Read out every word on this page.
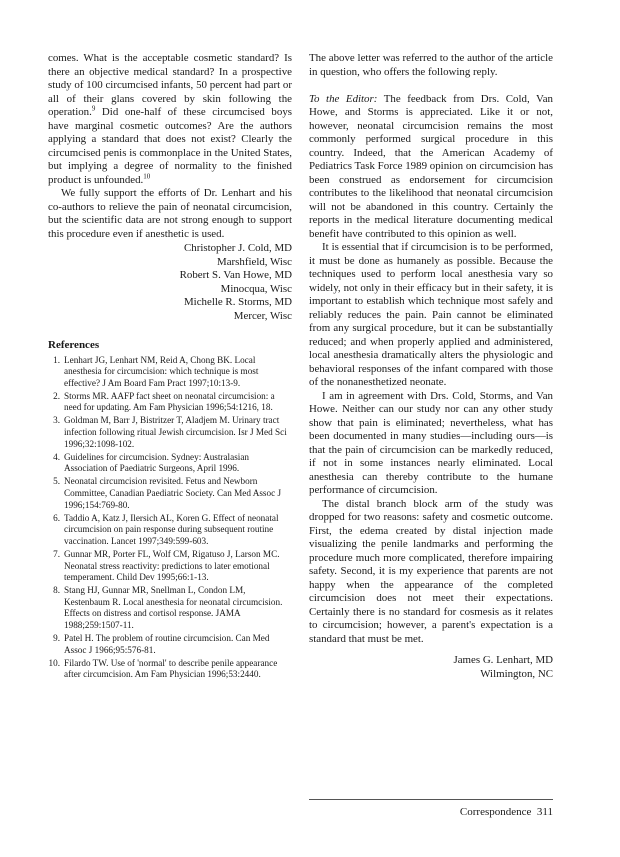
comes. What is the acceptable cosmetic standard? Is there an objective medical standard? In a prospective study of 100 circumcised infants, 50 percent had part or all of their glans covered by skin following the operation.$^9$ Did one-half of these circumcised boys have marginal cosmetic outcomes? Are the authors applying a standard that does not exist? Clearly the circumcised penis is commonplace in the United States, but implying a degree of normality to the finished product is unfounded.$^{10}$

We fully support the efforts of Dr. Lenhart and his co-authors to relieve the pain of neonatal circumcision, but the scientific data are not strong enough to support this procedure even if anesthetic is used.

Christopher J. Cold, MD

Marshfield, Wisc

Robert S. Van Howe, MD

Minocqua, Wisc

Michelle R. Storms, MD

Mercer, Wisc

References
1. Lenhart JG, Lenhart NM, Reid A, Chong BK. Local anesthesia for circumcision: which technique is most effective? J Am Board Fam Pract 1997;10:13-9.
2. Storms MR. AAFP fact sheet on neonatal circumcision: a need for updating. Am Fam Physician 1996;54:1216, 18.
3. Goldman M, Barr J, Bistritzer T, Aladjem M. Urinary tract infection following ritual Jewish circumcision. Isr J Med Sci 1996;32:1098-102.
4. Guidelines for circumcision. Sydney: Australasian Association of Paediatric Surgeons, April 1996.
5. Neonatal circumcision revisited. Fetus and Newborn Committee, Canadian Paediatric Society. Can Med Assoc J 1996;154:769-80.
6. Taddio A, Katz J, Ilersich AL, Koren G. Effect of neonatal circumcision on pain response during subsequent routine vaccination. Lancet 1997;349:599-603.
7. Gunnar MR, Porter FL, Wolf CM, Rigatuso J, Larson MC. Neonatal stress reactivity: predictions to later emotional temperament. Child Dev 1995;66:1-13.
8. Stang HJ, Gunnar MR, Snellman L, Condon LM, Kestenbaum R. Local anesthesia for neonatal circumcision. Effects on distress and cortisol response. JAMA 1988;259:1507-11.
9. Patel H. The problem of routine circumcision. Can Med Assoc J 1966;95:576-81.
10. Filardo TW. Use of 'normal' to describe penile appearance after circumcision. Am Fam Physician 1996;53:2440.

The above letter was referred to the author of the article in question, who offers the following reply.

To the Editor: The feedback from Drs. Cold, Van Howe, and Storms is appreciated. Like it or not, however, neonatal circumcision remains the most commonly performed surgical procedure in this country. Indeed, that the American Academy of Pediatrics Task Force 1989 opinion on circumcision has been construed as endorsement for circumcision contributes to the likelihood that neonatal circumcision will not be abandoned in this country. Certainly the reports in the medical literature documenting medical benefit have contributed to this opinion as well.

It is essential that if circumcision is to be performed, it must be done as humanely as possible. Because the techniques used to perform local anesthesia vary so widely, not only in their efficacy but in their safety, it is important to establish which technique most safely and reliably reduces the pain. Pain cannot be eliminated from any surgical procedure, but it can be substantially reduced; and when properly applied and administered, local anesthesia dramatically alters the physiologic and behavioral responses of the infant compared with those of the nonanesthetized neonate.

I am in agreement with Drs. Cold, Storms, and Van Howe. Neither can our study nor can any other study show that pain is eliminated; nevertheless, what has been documented in many studies—including ours—is that the pain of circumcision can be markedly reduced, if not in some instances nearly eliminated. Local anesthesia can thereby contribute to the humane performance of circumcision.

The distal branch block arm of the study was dropped for two reasons: safety and cosmetic outcome. First, the edema created by distal injection made visualizing the penile landmarks and performing the procedure much more complicated, therefore impairing safety. Second, it is my experience that parents are not happy when the appearance of the completed circumcision does not meet their expectations. Certainly there is no standard for cosmesis as it relates to circumcision; however, a parent's expectation is a standard that must be met.

James G. Lenhart, MD

Wilmington, NC

Correspondence 311
